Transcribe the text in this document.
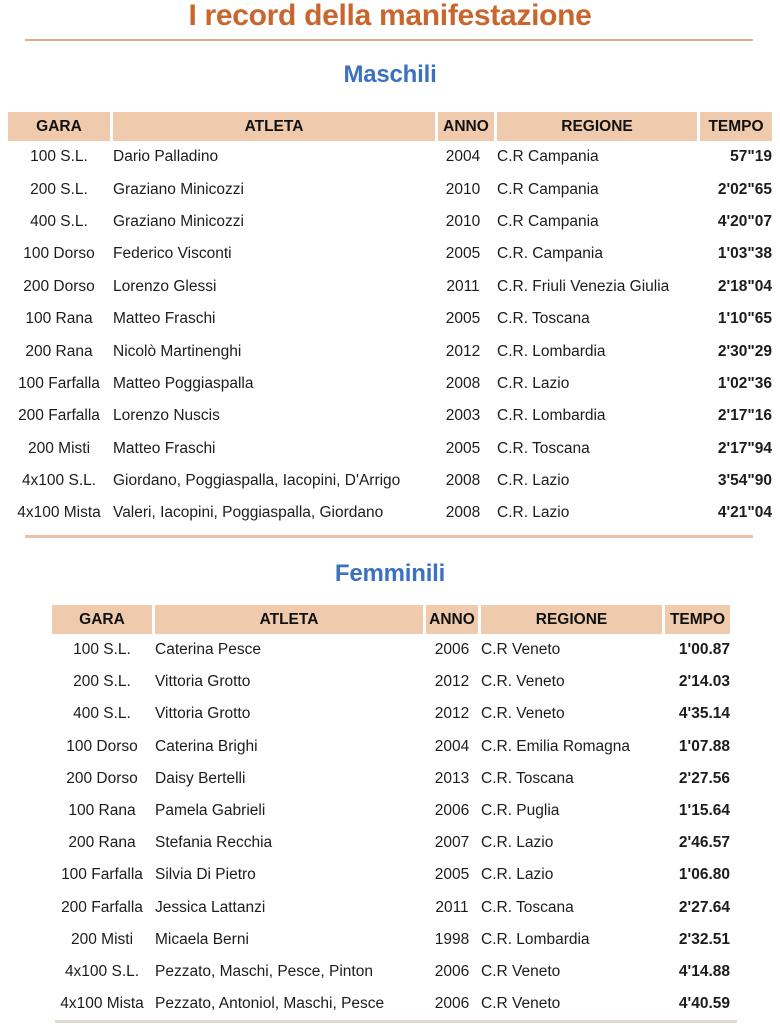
I record della manifestazione
Maschili
GARA	ATLETA	ANNO	REGIONE	TEMPO
100 S.L.	Dario Palladino	2004	C.R Campania	57"19
200 S.L.	Graziano Minicozzi	2010	C.R Campania	2'02"65
400 S.L.	Graziano Minicozzi	2010	C.R Campania	4'20"07
100 Dorso	Federico Visconti	2005	C.R. Campania	1'03"38
200 Dorso	Lorenzo Glessi	2011	C.R. Friuli Venezia Giulia	2'18"04
100 Rana	Matteo Fraschi	2005	C.R. Toscana	1'10"65
200 Rana	Nicolò Martinenghi	2012	C.R. Lombardia	2'30"29
100 Farfalla	Matteo Poggiaspalla	2008	C.R. Lazio	1'02"36
200 Farfalla	Lorenzo Nuscis	2003	C.R. Lombardia	2'17"16
200 Misti	Matteo Fraschi	2005	C.R. Toscana	2'17"94
4x100 S.L.	Giordano, Poggiaspalla, Iacopini, D'Arrigo	2008	C.R. Lazio	3'54"90
4x100 Mista	Valeri, Iacopini, Poggiaspalla, Giordano	2008	C.R. Lazio	4'21"04
Femminili
GARA	ATLETA	ANNO	REGIONE	TEMPO
100 S.L.	Caterina Pesce	2006	C.R Veneto	1'00.87
200 S.L.	Vittoria Grotto	2012	C.R. Veneto	2'14.03
400 S.L.	Vittoria Grotto	2012	C.R. Veneto	4'35.14
100 Dorso	Caterina Brighi	2004	C.R. Emilia Romagna	1'07.88
200 Dorso	Daisy Bertelli	2013	C.R. Toscana	2'27.56
100 Rana	Pamela Gabrieli	2006	C.R. Puglia	1'15.64
200 Rana	Stefania Recchia	2007	C.R. Lazio	2'46.57
100 Farfalla	Silvia Di Pietro	2005	C.R. Lazio	1'06.80
200 Farfalla	Jessica Lattanzi	2011	C.R. Toscana	2'27.64
200 Misti	Micaela Berni	1998	C.R. Lombardia	2'32.51
4x100 S.L.	Pezzato, Maschi, Pesce, Pinton	2006	C.R Veneto	4'14.88
4x100 Mista	Pezzato, Antoniol, Maschi, Pesce	2006	C.R Veneto	4'40.59
